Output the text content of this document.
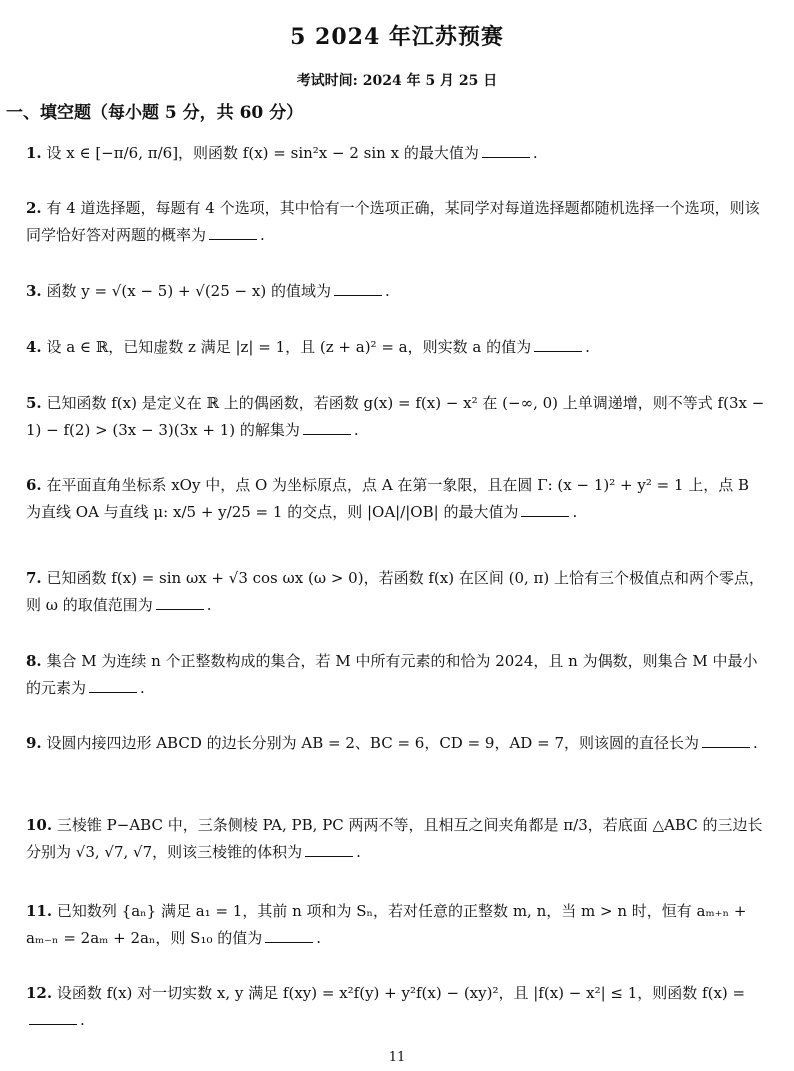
5 2024 年江苏预赛
考试时间: 2024 年 5 月 25 日
一、填空题（每小题 5 分，共 60 分）
1. 设 x ∈ [−π/6, π/6]，则函数 f(x) = sin²x − 2 sin x 的最大值为	.
2. 有 4 道选择题，每题有 4 个选项，其中恰有一个选项正确，某同学对每道选择题都随机选择一个选项，则该同学恰好答对两题的概率为	.
3. 函数 y = √(x − 5) + √(25 − x) 的值域为	.
4. 设 a ∈ ℝ，已知虚数 z 满足 |z| = 1，且 (z + a)² = a，则实数 a 的值为	.
5. 已知函数 f(x) 是定义在 ℝ 上的偶函数，若函数 g(x) = f(x) − x² 在 (−∞, 0) 上单调递增，则不等式 f(3x − 1) − f(2) > (3x − 3)(3x + 1) 的解集为	.
6. 在平面直角坐标系 xOy 中，点 O 为坐标原点，点 A 在第一象限，且在圆 Γ: (x − 1)² + y² = 1 上，点 B 为直线 OA 与直线 μ: x/5 + y/25 = 1 的交点，则 |OA|/|OB| 的最大值为	.
7. 已知函数 f(x) = sin ωx + √3 cos ωx (ω > 0)，若函数 f(x) 在区间 (0, π) 上恰有三个极值点和两个零点，则 ω 的取值范围为	.
8. 集合 M 为连续 n 个正整数构成的集合，若 M 中所有元素的和恰为 2024，且 n 为偶数，则集合 M 中最小的元素为	.
9. 设圆内接四边形 ABCD 的边长分别为 AB = 2、BC = 6，CD = 9，AD = 7，则该圆的直径长为	.
10. 三棱锥 P−ABC 中，三条侧棱 PA, PB, PC 两两不等，且相互之间夹角都是 π/3，若底面 △ABC 的三边长分别为 √3, √7, √7，则该三棱锥的体积为	.
11. 已知数列 {aₙ} 满足 a₁ = 1，其前 n 项和为 Sₙ，若对任意的正整数 m, n，当 m > n 时，恒有 aₘ₊ₙ + aₘ₋ₙ = 2aₘ + 2aₙ，则 S₁₀ 的值为	.
12. 设函数 f(x) 对一切实数 x, y 满足 f(xy) = x²f(y) + y²f(x) − (xy)²，且 |f(x) − x²| ≤ 1，则函数 f(x) =.
11
